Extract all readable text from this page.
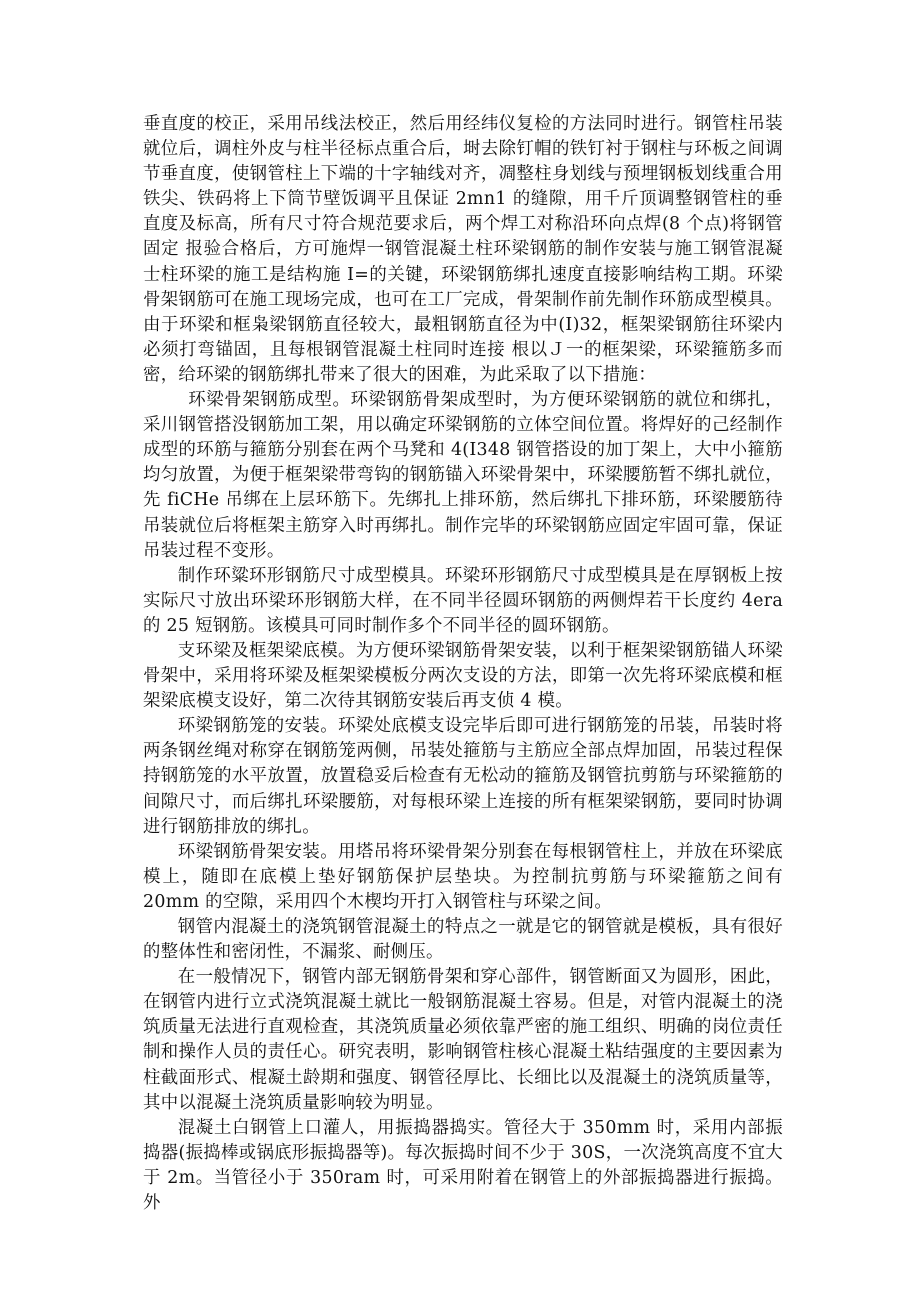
垂直度的校正，采用吊线法校正，然后用经纬仪复检的方法同时进行。钢管柱吊装就位后，调柱外皮与柱半径标点重合后，埘去除钉帽的铁钉衬于钢柱与环板之间调节垂直度，使钢管柱上下端的十字轴线对齐，凋整柱身划线与预埋钢板划线重合用铁尖、铁码将上下筒节壁饭调平且保证 2mn1 的缝隙，用千斤顶调整钢管柱的垂直度及标高，所有尺寸符合规范要求后，两个焊工对称沿环向点焊(8 个点)将钢管固定 报验合格后，方可施焊一钢管混凝土柱环梁钢筋的制作安装与施工钢管混凝士柱环梁的施工是结构施 I=的关键，环梁钢筋绑扎速度直接影响结构工期。环梁骨架钢筋可在施工现场完成，也可在工厂完成，骨架制作前先制作环筋成型模具。由于环梁和框枭梁钢筋直径较大，最粗钢筋直径为中(I)32，框架梁钢筋往环梁内必须打弯锚固，且每根钢管混凝土柱同时连接 根以Ｊ一的框架梁，环梁箍筋多而密，给环梁的钢筋绑扎带来了很大的困难，为此采取了以下措施：

环梁骨架钢筋成型。环梁钢筋骨架成型时，为方便环梁钢筋的就位和绑扎，采川钢管搭没钢筋加工架，用以确定环梁钢筋的立体空间位置。将焊好的己经制作成型的环筋与箍筋分别套在两个马凳和 4(I348 钢管搭设的加丁架上，大中小箍筋均匀放置，为便于框架梁带弯钩的钢筋锚入环梁骨架中，环梁腰筋暂不绑扎就位，先 fiCHe 吊绑在上层环筋下。先绑扎上排环筋，然后绑扎下排环筋，环梁腰筋待吊装就位后将框架主筋穿入时再绑扎。制作完毕的环梁钢筋应固定牢固可靠，保证吊装过程不变形。

制作环粱环形钢筋尺寸成型模具。环梁环形钢筋尺寸成型模具是在厚钢板上按实际尺寸放出环梁环形钢筋大样，在不同半径圆环钢筋的两侧焊若干长度约 4era 的 25 短钢筋。该模具可同时制作多个不同半径的圆环钢筋。

支环梁及框架梁底模。为方便环梁钢筋骨架安装，以利于框架梁钢筋锚人环梁骨架中，采用将环梁及框架梁模板分两次支设的方法，即第一次先将环梁底模和框架梁底模支设好，第二次待其钢筋安装后再支侦 4 模。

环梁钢筋笼的安装。环梁处底模支设完毕后即可进行钢筋笼的吊装，吊装时将两条钢丝绳对称穿在钢筋笼两侧，吊装处箍筋与主筋应全部点焊加固，吊装过程保持钢筋笼的水平放置，放置稳妥后检查有无松动的箍筋及钢管抗剪筋与环梁箍筋的间隙尺寸，而后绑扎环梁腰筋，对每根环梁上连接的所有框架梁钢筋，要同时协调进行钢筋排放的绑扎。

环梁钢筋骨架安装。用塔吊将环梁骨架分别套在每根钢管柱上，并放在环梁底模上，随即在底模上垫好钢筋保护层垫块。为控制抗剪筋与环梁箍筋之间有 20mm 的空隙，采用四个木楔均开打入钢管柱与环梁之间。

钢管内混凝土的浇筑钢管混凝土的特点之一就是它的钢管就是模板，具有很好的整体性和密闭性，不漏浆、耐侧压。

在一般情况下，钢管内部无钢筋骨架和穿心部件，钢管断面又为圆形，困此，在钢管内进行立式浇筑混凝土就比一般钢筋混凝土容易。但是，对管内混凝土的浇筑质量无法进行直观检查，其浇筑质量必须依靠严密的施工组织、明确的岗位责任制和操作人员的责任心。研究表明，影响钢管柱核心混凝土粘结强度的主要因素为柱截面形式、棍凝土龄期和强度、钢管径厚比、长细比以及混凝土的浇筑质量等，其中以混凝土浇筑质量影响较为明显。

混凝土白钢管上口灌人，用振捣器捣实。管径大于 350mm 时，采用内部振捣器(振捣棒或锅底形振捣器等)。每次振捣时间不少于 30S，一次浇筑高度不宜大于 2m。当管径小于 350ram 时，可采用附着在钢管上的外部振捣器进行振捣。外
